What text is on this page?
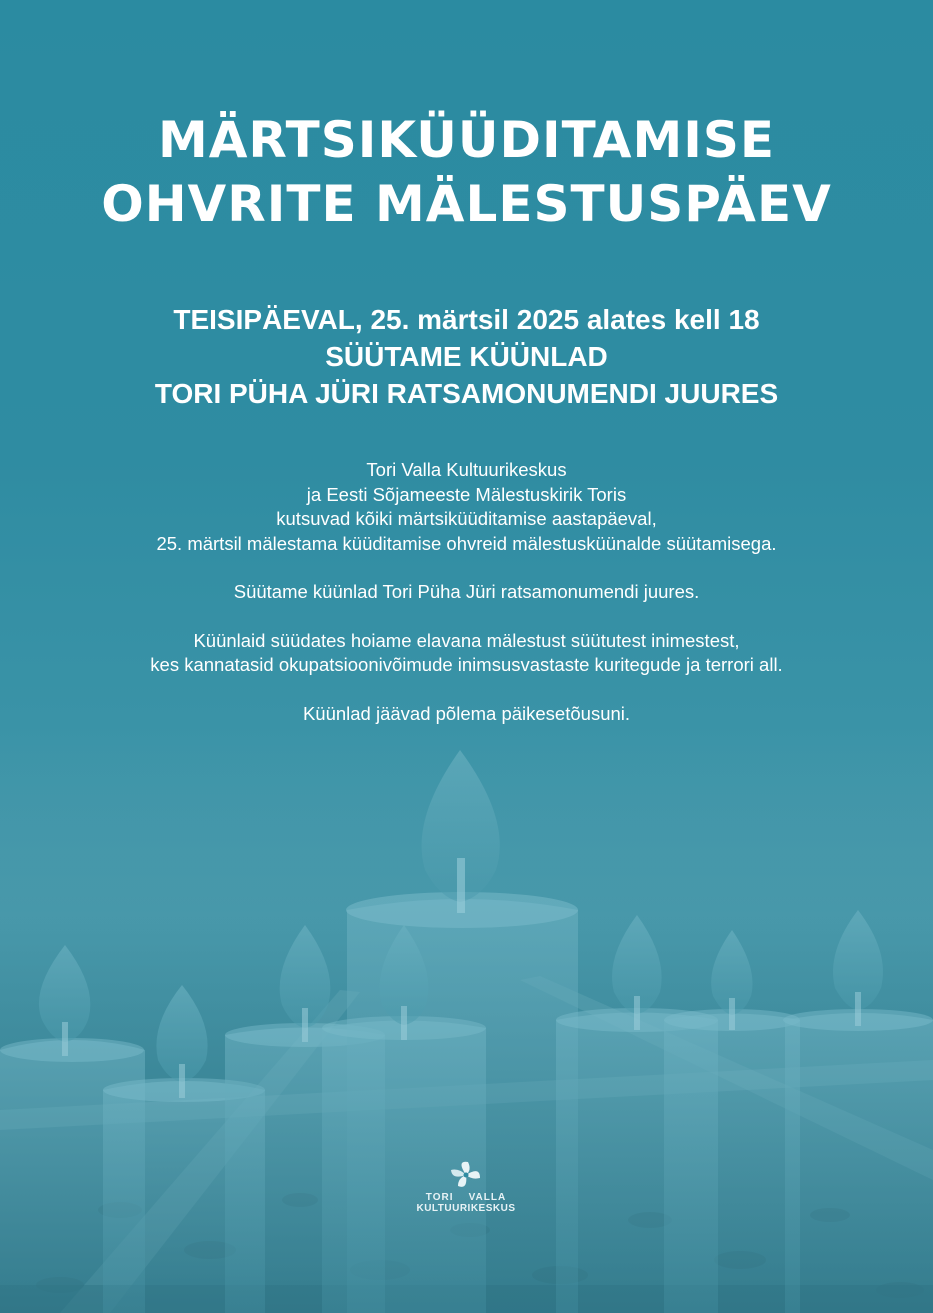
MÄRTSIKÜÜDITAMISE
OHVRITE MÄLESTUSPÄEV
TEISIPÄEVAL, 25. märtsil 2025 alates kell 18
SÜÜTAME KÜÜNLAD
TORI PÜHA JÜRI RATSAMONUMENDI JUURES

Tori Valla Kultuurikeskus
ja Eesti Sõjameeste Mälestuskirik Toris
kutsuvad kõiki märtsiküüditamise aastapäeval,
25. märtsil mälestama küüditamise ohvreid mälestusküünalde süütamisega.

Süütame küünlad Tori Püha Jüri ratsamonumendi juures.

Küünlaid süüdates hoiame elavana mälestust süütutest inimestest,
kes kannatasid okupatsioonivõimude inimsusvastaste kuritegude ja terrori all.

Küünlad jäävad põlema päikesetõusuni.

TORI VALLA
KULTUURIKESKUS
